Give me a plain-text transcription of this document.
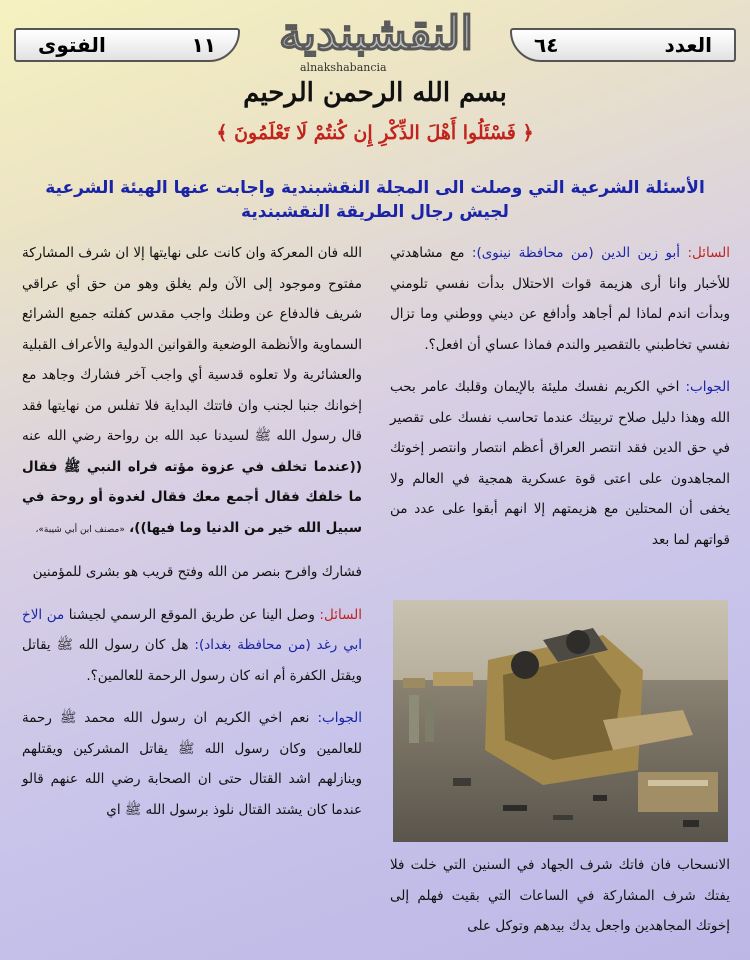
العدد
٦٤
١١
الفتوى	النقشبندية
alnakshabancia
بسم الله الرحمن الرحيم
﴿ فَسْئَلُوا أَهْلَ الذِّكْرِ إِن كُنتُمْ لَا تَعْلَمُونَ ﴾
الأسئلة الشرعية التي وصلت الى المجلة النقشبندية واجابت عنها الهيئة الشرعية
لجيش رجال الطريقة النقشبندية

السائل: أبو زين الدين (من محافظة نينوى): مع مشاهدتي للأخبار وانا أرى هزيمة قوات الاحتلال بدأت نفسي تلومني وبدأت اندم لماذا لم أجاهد وأدافع عن ديني ووطني وما تزال نفسي تخاطبني بالتقصير والندم فماذا عساي أن افعل؟.

الجواب: اخي الكريم نفسك مليئة بالإيمان وقلبك عامر بحب الله وهذا دليل صلاح تربيتك عندما تحاسب نفسك على تقصير في حق الدين فقد انتصر العراق أعظم انتصار وانتصر إخوتك المجاهدون على اعتى قوة عسكرية همجية في العالم ولا يخفى أن المحتلين مع هزيمتهم إلا انهم أبقوا على عدد من قواتهم لما بعد

الانسحاب فان فاتك شرف الجهاد في السنين التي خلت فلا يفتك شرف المشاركة في الساعات التي بقيت فهلم إلى إخوتك المجاهدين واجعل يدك بيدهم وتوكل على

الله فان المعركة وان كانت على نهايتها إلا ان شرف المشاركة مفتوح وموجود إلى الآن ولم يغلق وهو من حق أي عراقي شريف فالدفاع عن وطنك واجب مقدس كفلته جميع الشرائع السماوية والأنظمة الوضعية والقوانين الدولية والأعراف القبلية والعشائرية ولا تعلوه قدسية أي واجب آخر فشارك وجاهد مع إخوانك جنبا لجنب وان فاتتك البداية فلا تفلس من نهايتها فقد قال رسول الله ﷺ لسيدنا عبد الله بن رواحة رضي الله عنه ((عندما تخلف في عزوة مؤته فراه النبي ﷺ فقال ما خلفك فقال أجمع معك فقال لغدوة أو روحة في سبيل الله خير من الدنيا وما فيها))، «مصنف ابن أبي شيبة»،

فشارك وافرح بنصر من الله وفتح قريب هو بشرى للمؤمنين

السائل: وصل الينا عن طريق الموقع الرسمي لجيشنا من الاخ ابي رغد (من محافظة بغداد): هل كان رسول الله ﷺ يقاتل ويقتل الكفرة أم انه كان رسول الرحمة للعالمين؟.

الجواب: نعم اخي الكريم ان رسول الله محمد ﷺ رحمة للعالمين وكان رسول الله ﷺ يقاتل المشركين ويقتلهم وينازلهم اشد القتال حتى ان الصحابة رضي الله عنهم قالو عندما كان يشتد القتال نلوذ برسول الله ﷺ اي
